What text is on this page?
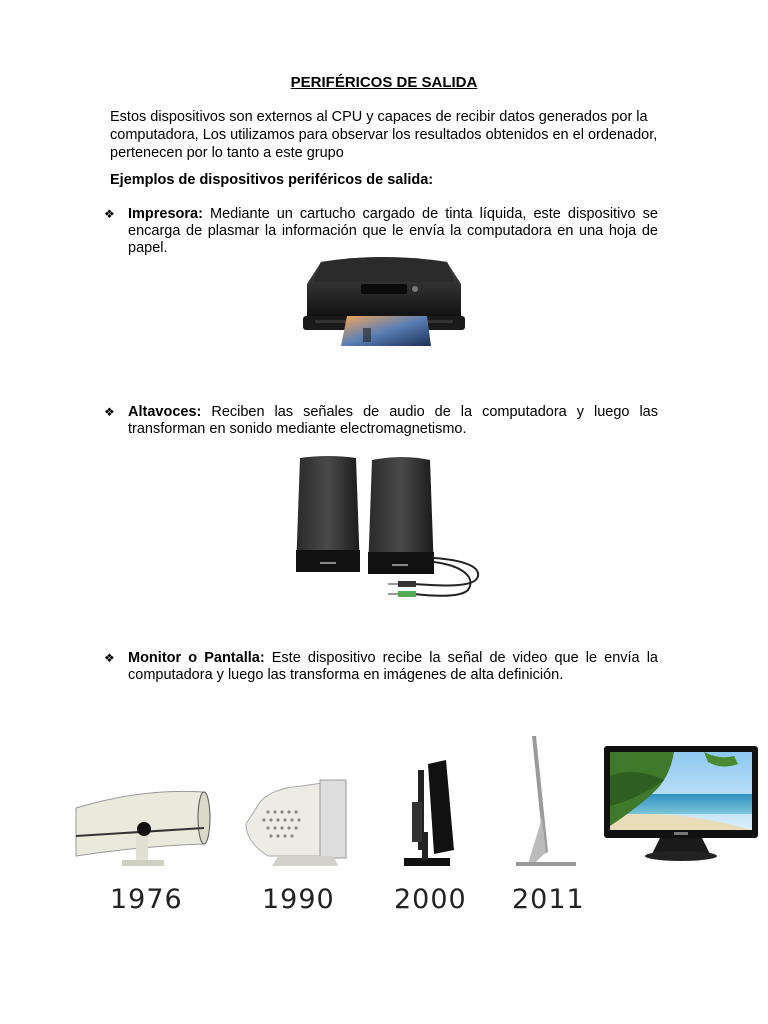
PERIFÉRICOS DE SALIDA
Estos dispositivos son externos al CPU y capaces de recibir datos generados por la computadora, Los utilizamos para observar los resultados obtenidos en el ordenador, pertenecen por lo tanto a este grupo
Ejemplos de dispositivos periféricos de salida:
❖ Impresora: Mediante un cartucho cargado de tinta líquida, este dispositivo se encarga de plasmar la información que le envía la computadora en una hoja de papel.
❖ Altavoces: Reciben las señales de audio de la computadora y luego las transforman en sonido mediante electromagnetismo.
❖ Monitor o Pantalla: Este dispositivo recibe la señal de video que le envía la computadora y luego las transforma en imágenes de alta definición.
1976	1990 2000 2011
